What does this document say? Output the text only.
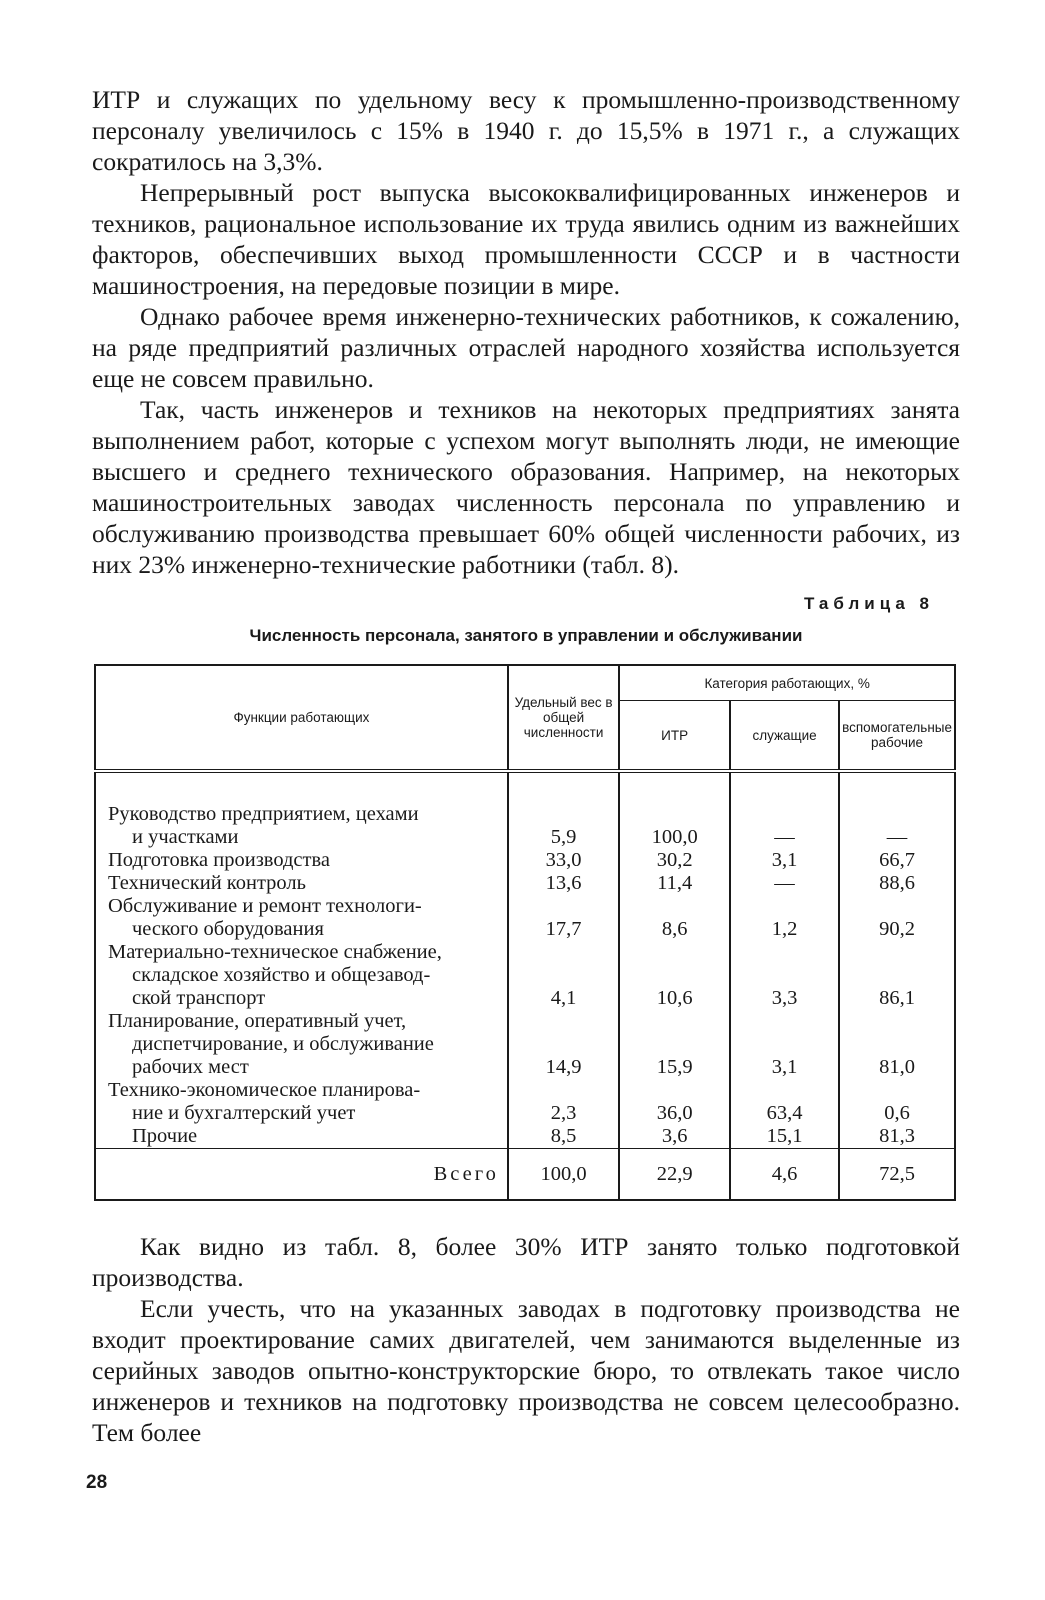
ИТР и служащих по удельному весу к промышленно-производственному персоналу увеличилось с 15% в 1940 г. до 15,5% в 1971 г., а служащих сократилось на 3,3%.

Непрерывный рост выпуска высококвалифицированных инженеров и техников, рациональное использование их труда явились одним из важнейших факторов, обеспечивших выход промышленности СССР и в частности машиностроения, на передовые позиции в мире.

Однако рабочее время инженерно-технических работников, к сожалению, на ряде предприятий различных отраслей народного хозяйства используется еще не совсем правильно.

Так, часть инженеров и техников на некоторых предприятиях занята выполнением работ, которые с успехом могут выполнять люди, не имеющие высшего и среднего технического образования. Например, на некоторых машиностроительных заводах численность персонала по управлению и обслуживанию производства превышает 60% общей численности рабочих, из них 23% инженерно-технические работники (табл. 8).

Таблица 8
Численность персонала, занятого в управлении и обслуживании
Функции работающих	Удельный вес в общей численности	Категория работающих, %		
		ИТР	служащие	вспомогательные рабочие

Руководство предприятием, цехами
и участками	5,9	100,0	—	—

Подготовка производства	33,0	30,2	3,1	66,7

Технический контроль	13,6	11,4	—	88,6

Обслуживание и ремонт технологи-
ческого оборудования	17,7	8,6	1,2	90,2

Материально-техническое снабжение,
складское хозяйство и общезавод-
ской транспорт	4,1	10,6	3,3	86,1

Планирование, оперативный учет,
диспетчирование, и обслуживание
рабочих мест	14,9	15,9	3,1	81,0

Технико-экономическое планирова-
ние и бухгалтерский учет	2,3	36,0	63,4	0,6

Прочие	8,5	3,6	15,1	81,3
Всего	100,0	22,9	4,6	72,5

Как видно из табл. 8, более 30% ИТР занято только подготовкой производства.

Если учесть, что на указанных заводах в подготовку производства не входит проектирование самих двигателей, чем занимаются выделенные из серийных заводов опытно-конструкторские бюро, то отвлекать такое число инженеров и техников на подготовку производства не совсем целесообразно. Тем более

28
